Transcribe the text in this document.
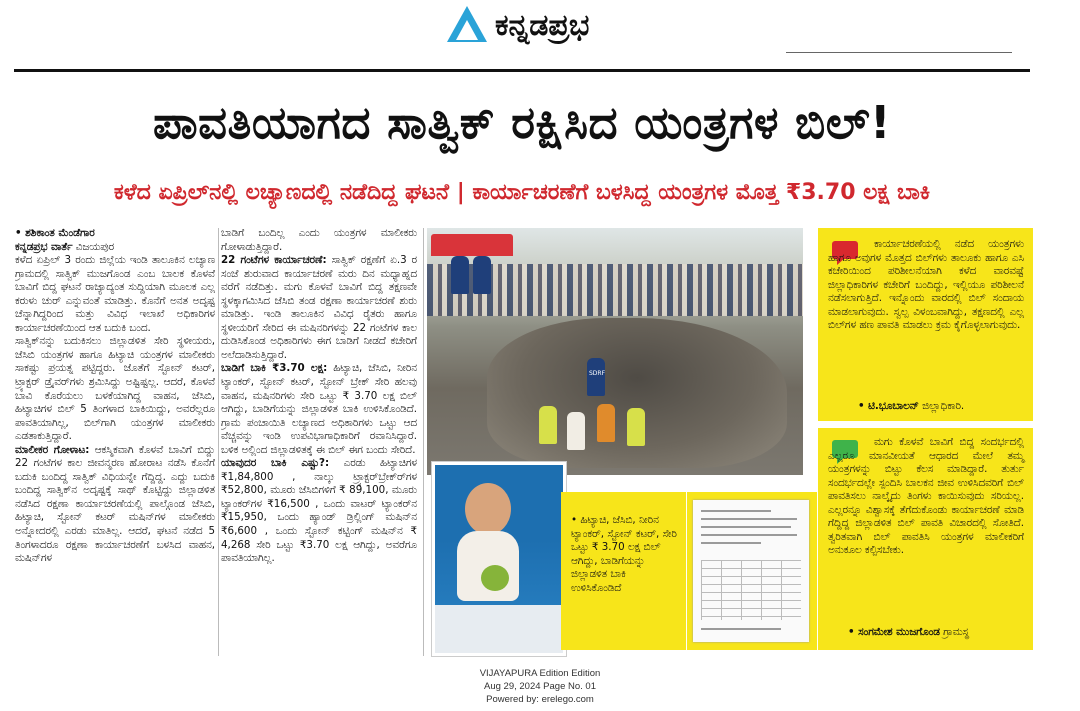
ಕನ್ನಡಪ್ರಭ
ಪಾವತಿಯಾಗದ ಸಾತ್ವಿಕ್ ರಕ್ಷಿಸಿದ ಯಂತ್ರಗಳ ಬಿಲ್!
ಕಳೆದ ಏಪ್ರಿಲ್‌ನಲ್ಲಿ ಲಚ್ಯಾಣದಲ್ಲಿ ನಡೆದಿದ್ದ ಘಟನೆ | ಕಾರ್ಯಾಚರಣೆಗೆ ಬಳಸಿದ್ದ ಯಂತ್ರಗಳ ಮೊತ್ತ ₹3.70 ಲಕ್ಷ ಬಾಕಿ

• ಶಶಿಕಾಂತ ಮೆಂಡೆಗಾರ

ಕನ್ನಡಪ್ರಭ ವಾರ್ತೆ ವಿಜಯಪುರ

ಕಳೆದ ಏಪ್ರಿಲ್ 3 ರಂದು ಜಿಲ್ಲೆಯ ಇಂಡಿ ತಾಲೂಕಿನ ಲಚ್ಯಾಣ ಗ್ರಾಮದಲ್ಲಿ ಸಾತ್ವಿಕ್ ಮುಜಗೊಂಡ ಎಂಬ ಬಾಲಕ ಕೊಳವೆ ಬಾವಿಗೆ ಬಿದ್ದ ಘಟನೆ ರಾಜ್ಯಾದ್ಯಂತ ಸುದ್ದಿಯಾಗಿ ಮೂಲಕ ಎಲ್ಲ ಕರುಳು ಚುರ್ ಎನ್ನುವಂತೆ ಮಾಡಿತ್ತು. ಕೊನೆಗೆ ಅನತ ಅದೃಷ್ಟ ಚೆನ್ನಾಗಿದ್ದರಿಂದ ಮತ್ತು ವಿವಿಧ ಇಲಾಖೆ ಅಧಿಕಾರಿಗಳ ಕಾರ್ಯಾಚರಣೆಯಿಂದ ಆತ ಬದುಕಿ ಬಂದ.

ಸಾತ್ವಿಕ್‌ನನ್ನು ಬದುಕಿಸಲು ಜಿಲ್ಲಾಡಳಿತ ಸೇರಿ ಸ್ಥಳೀಯರು, ಜೆಸಿಬಿ ಯಂತ್ರಗಳ ಹಾಗೂ ಹಿಟ್ಯಾಚಿ ಯಂತ್ರಗಳ ಮಾಲೀಕರು ಸಾಕಷ್ಟು ಪ್ರಯತ್ನ ಪಟ್ಟಿದ್ದರು. ಜೊತೆಗೆ ಸ್ಟೋನ್ ಕಟರ್, ಟ್ರ್ಯಾಕ್ಟರ್ ಡ್ರೈವರ್‌ಗಳು ಶ್ರಮಿಸಿದ್ದು ಅಷ್ಟಿಷ್ಟಲ್ಲ. ಆದರೆ, ಕೊಳವೆ ಬಾವಿ ಕೊರೆಯಲು ಬಳಕೆಯಾಗಿದ್ದ ವಾಹನ, ಜೆಸಿಬಿ, ಹಿಟ್ಯಾಚಿಗಳ ಬಿಲ್ 5 ತಿಂಗಳಾದ ಬಾಕಿಯಿದ್ದು, ಅವರೆಲ್ಲರೂ ಪಾವತಿಯಾಗಿಲ್ಲ, ಬಿಲ್‌ಗಾಗಿ ಯಂತ್ರಗಳ ಮಾಲೀಕರು ಎಡತಾಕುತ್ತಿದ್ದಾರೆ.

ಮಾಲೀಕರ ಗೋಳಾಟ: ಆಕಸ್ಮಿಕವಾಗಿ ಕೊಳವೆ ಬಾವಿಗೆ ಬಿದ್ದು 22 ಗಂಟೆಗಳ ಕಾಲ ಜೀವನ್ಮರಣ ಹೋರಾಟ ನಡೆಸಿ ಕೊನೆಗೆ ಬದುಕಿ ಬಂದಿದ್ದ ಸಾತ್ವಿಕ್ ವಿಧಿಯನ್ನೇ ಗೆದ್ದಿದ್ದ. ಎದ್ದು ಬದುಕಿ ಬಂದಿದ್ದ ಸಾತ್ವಿಕ್‌ನ ಅದೃಷ್ಟಕ್ಕೆ ಸಾಥ್ ಕೊಟ್ಟಿದ್ದು ಜಿಲ್ಲಾಡಳಿತ ನಡೆಸಿದ ರಕ್ಷಣಾ ಕಾರ್ಯಾಚರಣೆಯಲ್ಲಿ ಪಾಲ್ಗೊಂಡ ಜೆಸಿಬಿ, ಹಿಟ್ಯಾಚಿ, ಸ್ಟೋನ್ ಕಟರ್ ಮಷಿನ್‌ಗಳ ಮಾಲೀಕರು ಅನ್ನೋದರಲ್ಲಿ ಎರಡು ಮಾತಿಲ್ಲ. ಆದರೆ, ಘಟನೆ ನಡೆದ 5 ತಿಂಗಳಾದರೂ ರಕ್ಷಣಾ ಕಾರ್ಯಾಚರಣೆಗೆ ಬಳಸಿದ ವಾಹನ, ಮಷಿನ್‌ಗಳ

ಬಾಡಿಗೆ ಬಂದಿಲ್ಲ ಎಂದು ಯಂತ್ರಗಳ ಮಾಲೀಕರು ಗೋಳಾಡುತ್ತಿದ್ದಾರೆ.

22 ಗಂಟೆಗಳ ಕಾರ್ಯಾಚರಣೆ: ಸಾತ್ವಿಕ್ ರಕ್ಷಣೆಗೆ ಏ.3 ರ ಸಂಜೆ ಶುರುವಾದ ಕಾರ್ಯಾಚರಣೆ ಮರು ದಿನ ಮಧ್ಯಾಹ್ನದ ವರೆಗೆ ನಡೆದಿತ್ತು. ಮಗು ಕೊಳವೆ ಬಾವಿಗೆ ಬಿದ್ದ ತಕ್ಷಣವೇ ಸ್ಥಳಕ್ಕಾಗಮಿಸಿದ ಜೆಸಿಬಿ ತಂಡ ರಕ್ಷಣಾ ಕಾರ್ಯಾಚರಣೆ ಶುರು ಮಾಡಿತ್ತು. ಇಂಡಿ ತಾಲೂಕಿನ ವಿವಿಧ ರೈತರು ಹಾಗೂ ಸ್ಥಳೀಯರಿಗೆ ಸೇರಿದ ಈ ಮಷಿನರಿಗಳನ್ನು 22 ಗಂಟೆಗಳ ಕಾಲ ದುಡಿಸಿಕೊಂಡ ಅಧಿಕಾರಿಗಳು ಈಗ ಬಾಡಿಗೆ ನೀಡದೆ ಕಚೇರಿಗೆ ಅಲೆದಾಡಿಸುತ್ತಿದ್ದಾರೆ.

ಬಾಡಿಗೆ ಬಾಕಿ ₹3.70 ಲಕ್ಷ: ಹಿಟ್ಯಾಚಿ, ಜೆಸಿಬಿ, ನೀರಿನ ಟ್ಯಾಂಕರ್, ಸ್ಟೋನ್ ಕಟರ್, ಸ್ಟೋನ್ ಬ್ರೇಕ್ ಸೇರಿ ಹಲವು ವಾಹನ, ಮಷಿನರಿಗಳು ಸೇರಿ ಒಟ್ಟು ₹ 3.70 ಲಕ್ಷ ಬಿಲ್ ಆಗಿದ್ದು, ಬಾಡಿಗೆಯನ್ನು ಜಿಲ್ಲಾಡಳಿತ ಬಾಕಿ ಉಳಿಸಿಕೊಂಡಿದೆ. ಗ್ರಾಮ ಪಂಚಾಯಿತಿ ಲಚ್ಯಾಣದ ಅಧಿಕಾರಿಗಳು ಒಟ್ಟು ಆದ ವೆಚ್ಚವನ್ನು ಇಂಡಿ ಉಪವಿಭಾಗಾಧಿಕಾರಿಗೆ ರವಾನಿಸಿದ್ದಾರೆ. ಬಳಿಕ ಅಲ್ಲಿಂದ ಜಿಲ್ಲಾಡಳಿತಕ್ಕೆ ಈ ಬಿಲ್ ಈಗ ಬಂದು ಸೇರಿದೆ.

ಯಾವುದರ ಬಾಕಿ ಎಷ್ಟು?: ಎರಡು ಹಿಟ್ಯಾಚಿಗಳ ₹1,84,800 , ನಾಲ್ಕು ಟ್ರ್ಯಾಕ್ಟರ್‌ಬ್ರೇಕ್‌ರ್‌ಗಳ ₹52,800, ಮೂರು ಜೆಸಿಬಿಗಳಿಗೆ ₹ 89,100, ಮೂರು ಟ್ಯಾಂಕರ್‌ಗಳ ₹16,500 , ಒಂದು ವಾಟರ್ ಟ್ಯಾಂಕರ್‌ನ ₹15,950, ಒಂದು ಹ್ಯಾಂಡ್ ಡ್ರಿಲ್ಲಿಂಗ್ ಮಷಿನ್‌ನ ₹6,600 , ಒಂದು ಸ್ಟೋನ್ ಕಟ್ಟಿಂಗ್ ಮಷಿನ್‌ನ ₹ 4,268 ಸೇರಿ ಒಟ್ಟು ₹3.70 ಲಕ್ಷ ಆಗಿದ್ದು, ಅವರೆಗೂ ಪಾವತಿಯಾಗಿಲ್ಲ.

SDRF
ಕಾರ್ಯಾಚರಣೆಯಲ್ಲಿ ನಡೆದ ಯಂತ್ರಗಳು ಹಾಗೂ ಅವುಗಳ ಮೊತ್ತದ ಬಿಲ್‌ಗಳು ತಾಲೂಕು ಹಾಗೂ ಎಸಿ ಕಚೇರಿಯಿಂದ ಪರಿಶೀಲನೆಯಾಗಿ ಕಳೆದ ವಾರವಷ್ಟೆ ಜಿಲ್ಲಾಧಿಕಾರಿಗಳ ಕಚೇರಿಗೆ ಬಂದಿದ್ದು, ಇಲ್ಲಿಯೂ ಪರಿಶೀಲನೆ ನಡೆಸಲಾಗುತ್ತಿದೆ. ಇನ್ನೊಂದು ವಾರದಲ್ಲಿ ಬಿಲ್ ಸಂದಾಯ ಮಾಡಲಾಗುವುದು. ಸ್ವಲ್ಪ ವಿಳಂಬವಾಗಿದ್ದು, ತಕ್ಷಣದಲ್ಲಿ ಎಲ್ಲ ಬಿಲ್‌ಗಳ ಹಣ ಪಾವತಿ ಮಾಡಲು ಕ್ರಮ ಕೈಗೊಳ್ಳಲಾಗುವುದು.
• ಟಿ.ಭೂಬಾಲನ್ ಜಿಲ್ಲಾಧಿಕಾರಿ.
ಮಗು ಕೊಳವೆ ಬಾವಿಗೆ ಬಿದ್ದ ಸಂದರ್ಭದಲ್ಲಿ ಎಲ್ಲರೂ ಮಾನವೀಯತೆ ಆಧಾರದ ಮೇಲೆ ತಮ್ಮ ಯಂತ್ರಗಳನ್ನು ಬಿಟ್ಟು ಕೆಲಸ ಮಾಡಿದ್ದಾರೆ. ತುರ್ತು ಸಂದರ್ಭದಲ್ಲೇ ಸ್ಪಂದಿಸಿ ಬಾಲಕನ ಜೀವ ಉಳಿಸಿದವರಿಗೆ ಬಿಲ್ ಪಾವತಿಸಲು ನಾಲ್ಕೈದು ತಿಂಗಳು ಕಾಯಿಸುವುದು ಸರಿಯಲ್ಲ. ಎಲ್ಲರನ್ನೂ ವಿಶ್ವಾಸಕ್ಕೆ ತೆಗೆದುಕೊಂಡು ಕಾರ್ಯಾಚರಣೆ ಮಾಡಿ ಗೆದ್ದಿದ್ದ ಜಿಲ್ಲಾಡಳಿತ ಬಿಲ್ ಪಾವತಿ ವಿಚಾರದಲ್ಲಿ ಸೋತಿದೆ. ತ್ವರಿತವಾಗಿ ಬಿಲ್ ಪಾವತಿಸಿ ಯಂತ್ರಗಳ ಮಾಲೀಕರಿಗೆ ಅನುಕೂಲ ಕಲ್ಪಿಸಬೇಕು.
• ಸಂಗಮೇಶ ಮುಜಗೊಂಡ ಗ್ರಾಮಸ್ಥ
• ಹಿಟ್ಯಾಚಿ, ಜೆಸಿಬಿ, ನೀರಿನ ಟ್ಯಾಂಕರ್, ಸ್ಟೋನ್ ಕಟರ್, ಸೇರಿ ಒಟ್ಟು ₹ 3.70 ಲಕ್ಷ ಬಿಲ್ ಆಗಿದ್ದು, ಬಾಡಿಗೆಯನ್ನು ಜಿಲ್ಲಾಡಳಿತ ಬಾಕಿ ಉಳಿಸಿಕೊಂಡಿದೆ
VIJAYAPURA Edition Edition
Aug 29, 2024 Page No. 01
Powered by: erelego.com
